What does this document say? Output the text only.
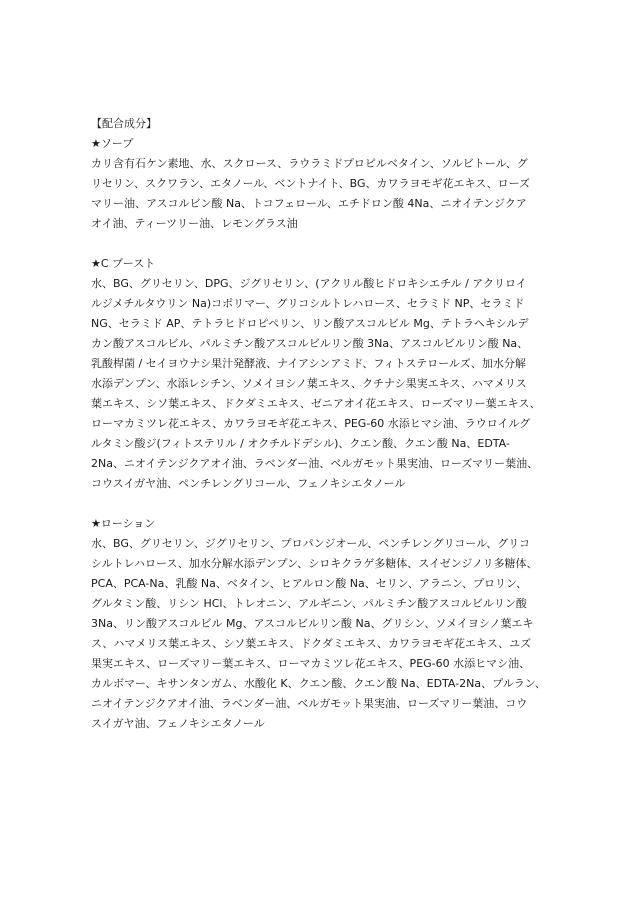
【配合成分】

★ソープ

カリ含有石ケン素地、水、スクロース、ラウラミドプロピルベタイン、ソルビトール、グ
リセリン、スクワラン、エタノール、ベントナイト、BG、カワラヨモギ花エキス、ローズ
マリー油、アスコルビン酸 Na、トコフェロール、エチドロン酸 4Na、ニオイテンジクア
オイ油、ティーツリー油、レモングラス油

★C ブースト

水、BG、グリセリン、DPG、ジグリセリン、(アクリル酸ヒドロキシエチル / アクリロイ
ルジメチルタウリン Na)コポリマー、グリコシルトレハロース、セラミド NP、セラミド
NG、セラミド AP、テトラヒドロピペリン、リン酸アスコルビル Mg、テトラヘキシルデ
カン酸アスコルビル、パルミチン酸アスコルビルリン酸 3Na、アスコルビルリン酸 Na、
乳酸桿菌 / セイヨウナシ果汁発酵液、ナイアシンアミド、フィトステロールズ、加水分解
水添デンプン、水添レシチン、ソメイヨシノ葉エキス、クチナシ果実エキス、ハマメリス
葉エキス、シソ葉エキス、ドクダミエキス、ゼニアオイ花エキス、ローズマリー葉エキス、
ローマカミツレ花エキス、カワラヨモギ花エキス、PEG-60 水添ヒマシ油、ラウロイルグ
ルタミン酸ジ(フィトステリル / オクチルドデシル)、クエン酸、クエン酸 Na、EDTA-
2Na、ニオイテンジクアオイ油、ラベンダー油、ベルガモット果実油、ローズマリー葉油、
コウスイガヤ油、ペンチレングリコール、フェノキシエタノール

★ローション

水、BG、グリセリン、ジグリセリン、プロパンジオール、ペンチレングリコール、グリコ
シルトレハロース、加水分解水添デンプン、シロキクラゲ多糖体、スイゼンジノリ多糖体、
PCA、PCA-Na、乳酸 Na、ベタイン、ヒアルロン酸 Na、セリン、アラニン、プロリン、
グルタミン酸、リシン HCl、トレオニン、アルギニン、パルミチン酸アスコルビルリン酸
3Na、リン酸アスコルビル Mg、アスコルビルリン酸 Na、グリシン、ソメイヨシノ葉エキ
ス、ハマメリス葉エキス、シソ葉エキス、ドクダミエキス、カワラヨモギ花エキス、ユズ
果実エキス、ローズマリー葉エキス、ローマカミツレ花エキス、PEG-60 水添ヒマシ油、
カルボマー、キサンタンガム、水酸化 K、クエン酸、クエン酸 Na、EDTA-2Na、プルラン、
ニオイテンジクアオイ油、ラベンダー油、ベルガモット果実油、ローズマリー葉油、コウ
スイガヤ油、フェノキシエタノール
